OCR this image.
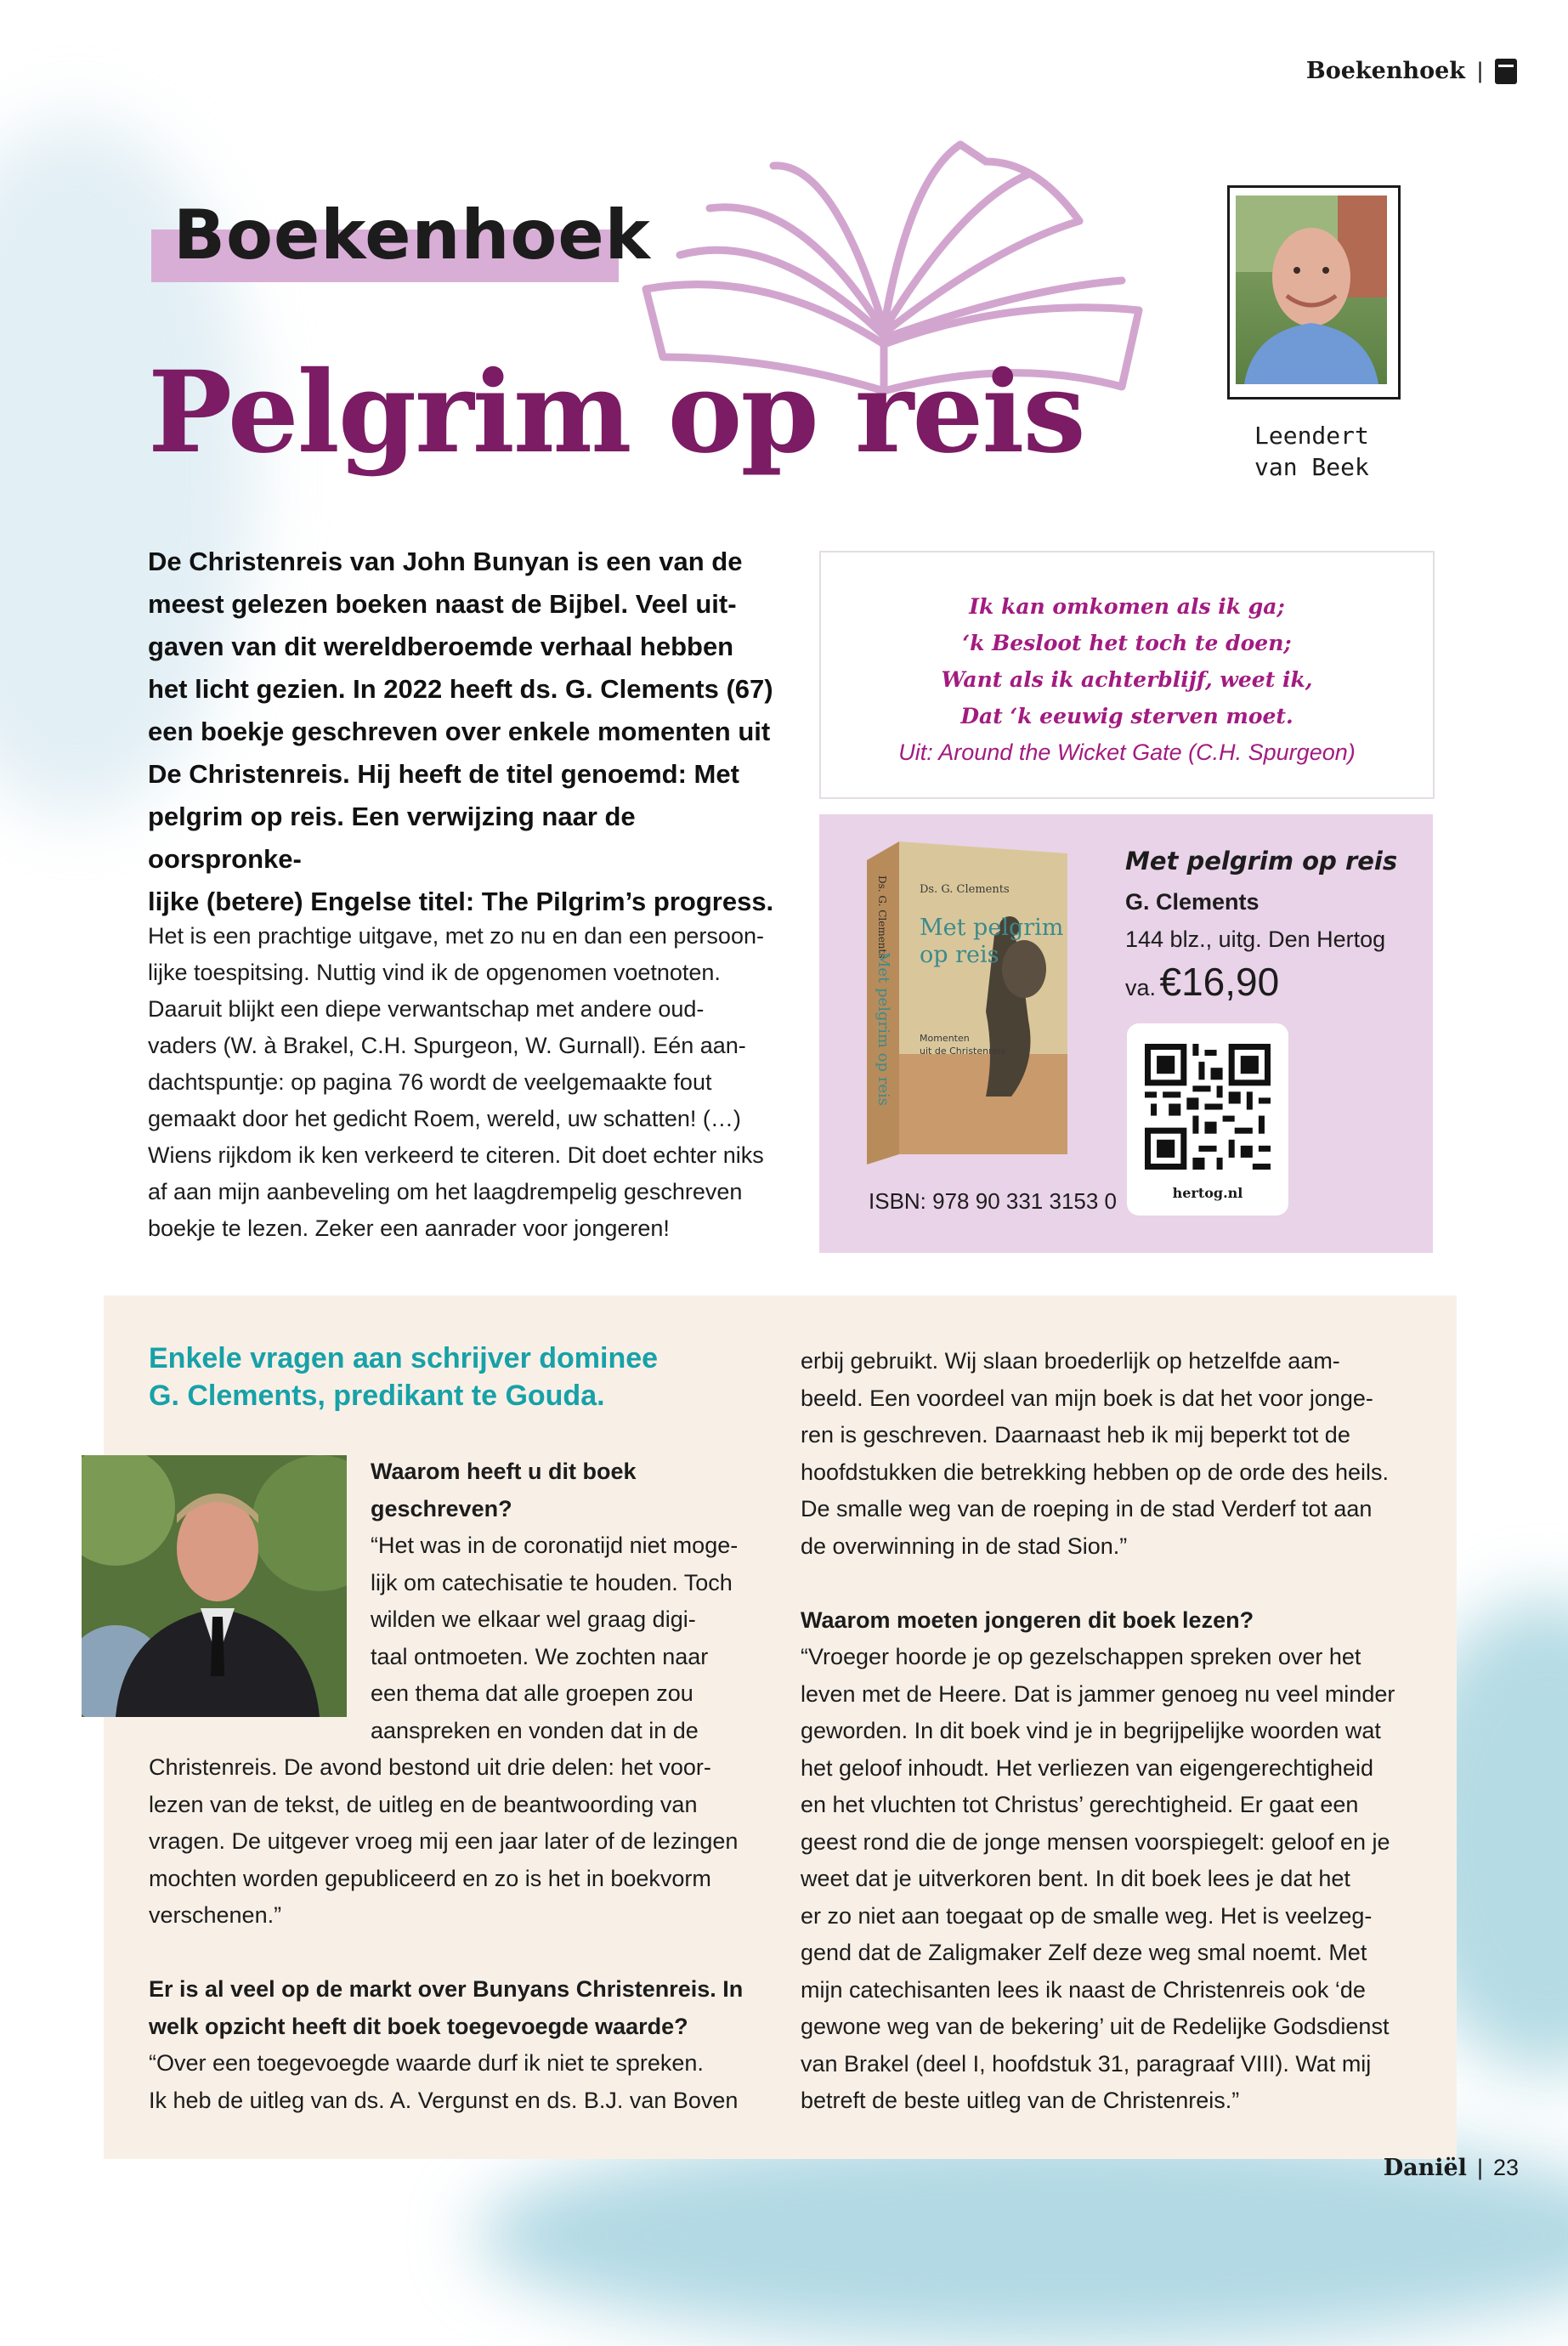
Boekenhoek |
Boekenhoek
Pelgrim op reis	Leendert
van Beek
De Christenreis van John Bunyan is een van de
meest gelezen boeken naast de Bijbel. Veel uit-
gaven van dit wereldberoemde verhaal hebben
het licht gezien. In 2022 heeft ds. G. Clements (67)
een boekje geschreven over enkele momenten uit
De Christenreis. Hij heeft de titel genoemd: Met
pelgrim op reis. Een verwijzing naar de oorspronke-
lijke (betere) Engelse titel: The Pilgrim’s progress.
Het is een prachtige uitgave, met zo nu en dan een persoon-
lijke toespitsing. Nuttig vind ik de opgenomen voetnoten.
Daaruit blijkt een diepe verwantschap met andere oud-
vaders (W. à Brakel, C.H. Spurgeon, W. Gurnall). Eén aan-
dachtspuntje: op pagina 76 wordt de veelgemaakte fout
gemaakt door het gedicht Roem, wereld, uw schatten! (…)
Wiens rijkdom ik ken verkeerd te citeren. Dit doet echter niks
af aan mijn aanbeveling om het laagdrempelig geschreven
boekje te lezen. Zeker een aanrader voor jongeren!
Ik kan omkomen als ik ga;
‘k Besloot het toch te doen;
Want als ik achterblijf, weet ik,
Dat ‘k eeuwig sterven moet.
Uit: Around the Wicket Gate (C.H. Spurgeon)
Ds. G. Clements
Met pelgrim
op reis
Momenten
uit de Christenreis
Ds. G. Clements
Met pelgrim op reis
Met pelgrim op reis
G. Clements
144 blz., uitg. Den Hertog
va. €16,90
ISBN: 978 90 331 3153 0	hertog.nl
Enkele vragen aan schrijver dominee
G. Clements, predikant te Gouda.
Waarom heeft u dit boek
geschreven?
“Het was in de coronatijd niet moge-
lijk om catechisatie te houden. Toch
wilden we elkaar wel graag digi-
taal ontmoeten. We zochten naar
een thema dat alle groepen zou
aanspreken en vonden dat in de
Christenreis. De avond bestond uit drie delen: het voor-
lezen van de tekst, de uitleg en de beantwoording van
vragen. De uitgever vroeg mij een jaar later of de lezingen
mochten worden gepubliceerd en zo is het in boekvorm
verschenen.”
Er is al veel op de markt over Bunyans Christenreis. In
welk opzicht heeft dit boek toegevoegde waarde?
“Over een toegevoegde waarde durf ik niet te spreken.
Ik heb de uitleg van ds. A. Vergunst en ds. B.J. van Boven
erbij gebruikt. Wij slaan broederlijk op hetzelfde aam-
beeld. Een voordeel van mijn boek is dat het voor jonge-
ren is geschreven. Daarnaast heb ik mij beperkt tot de
hoofdstukken die betrekking hebben op de orde des heils.
De smalle weg van de roeping in de stad Verderf tot aan
de overwinning in de stad Sion.”
Waarom moeten jongeren dit boek lezen?
“Vroeger hoorde je op gezelschappen spreken over het
leven met de Heere. Dat is jammer genoeg nu veel minder
geworden. In dit boek vind je in begrijpelijke woorden wat
het geloof inhoudt. Het verliezen van eigengerechtigheid
en het vluchten tot Christus’ gerechtigheid. Er gaat een
geest rond die de jonge mensen voorspiegelt: geloof en je
weet dat je uitverkoren bent. In dit boek lees je dat het
er zo niet aan toegaat op de smalle weg. Het is veelzeg-
gend dat de Zaligmaker Zelf deze weg smal noemt. Met
mijn catechisanten lees ik naast de Christenreis ook ‘de
gewone weg van de bekering’ uit de Redelijke Godsdienst
van Brakel (deel I, hoofdstuk 31, paragraaf VIII). Wat mij
betreft de beste uitleg van de Christenreis.”
Daniël | 23
